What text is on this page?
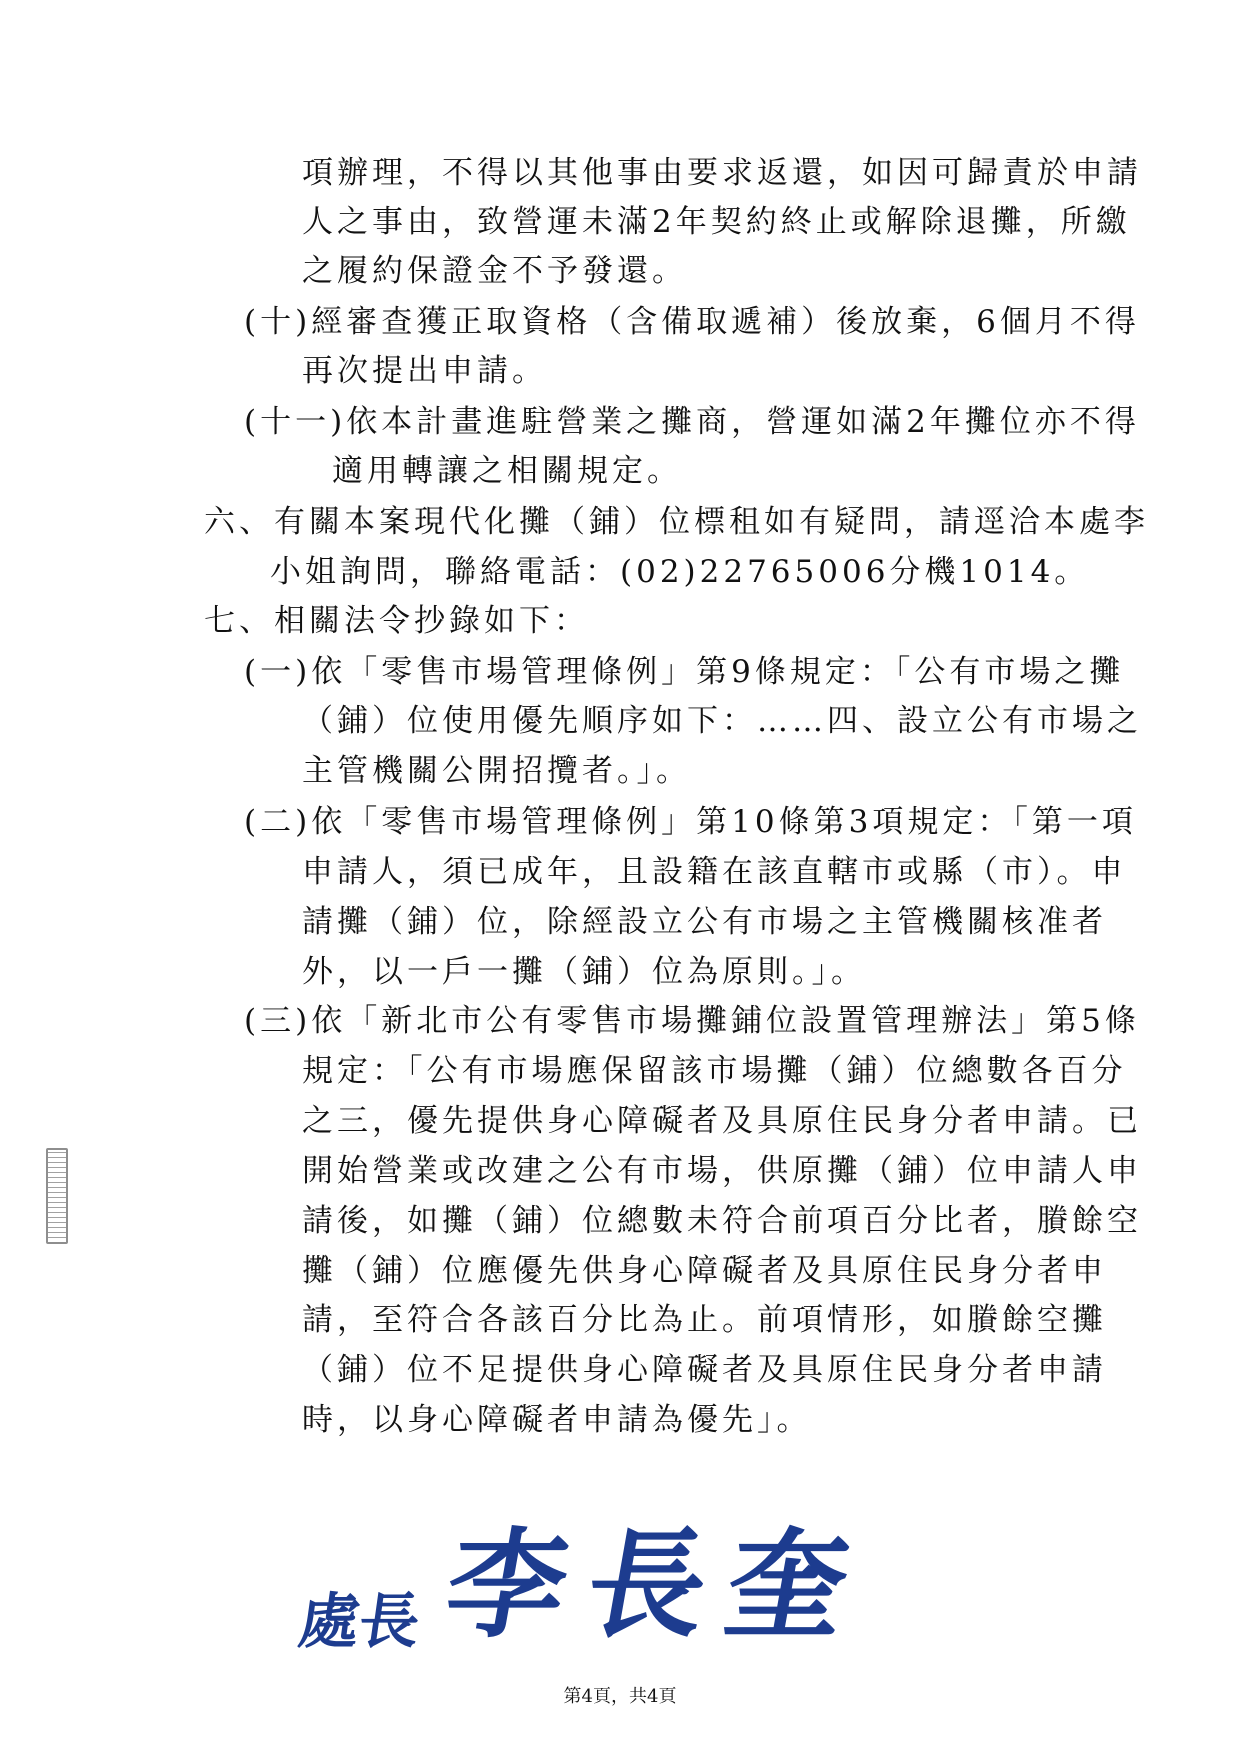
項辦理，不得以其他事由要求返還，如因可歸責於申請
人之事由，致營運未滿2年契約終止或解除退攤，所繳
之履約保證金不予發還。
(十)經審查獲正取資格（含備取遞補）後放棄，6個月不得
再次提出申請。
(十一)依本計畫進駐營業之攤商，營運如滿2年攤位亦不得
適用轉讓之相關規定。
六、有關本案現代化攤（鋪）位標租如有疑問，請逕洽本處李
小姐詢問，聯絡電話：(02)22765006分機1014。
七、相關法令抄錄如下：
(一)依「零售市場管理條例」第9條規定：「公有市場之攤
（鋪）位使用優先順序如下：……四、設立公有市場之
主管機關公開招攬者。」。
(二)依「零售市場管理條例」第10條第3項規定：「第一項
申請人，須已成年，且設籍在該直轄市或縣（市）。申
請攤（鋪）位，除經設立公有市場之主管機關核准者
外，以一戶一攤（鋪）位為原則。」。
(三)依「新北市公有零售市場攤鋪位設置管理辦法」第5條
規定：「公有市場應保留該市場攤（鋪）位總數各百分
之三，優先提供身心障礙者及具原住民身分者申請。已
開始營業或改建之公有市場，供原攤（鋪）位申請人申
請後，如攤（鋪）位總數未符合前項百分比者，賸餘空
攤（鋪）位應優先供身心障礙者及具原住民身分者申
請，至符合各該百分比為止。前項情形，如賸餘空攤
（鋪）位不足提供身心障礙者及具原住民身分者申請
時，以身心障礙者申請為優先」。
處長 李長奎
第4頁，共4頁
